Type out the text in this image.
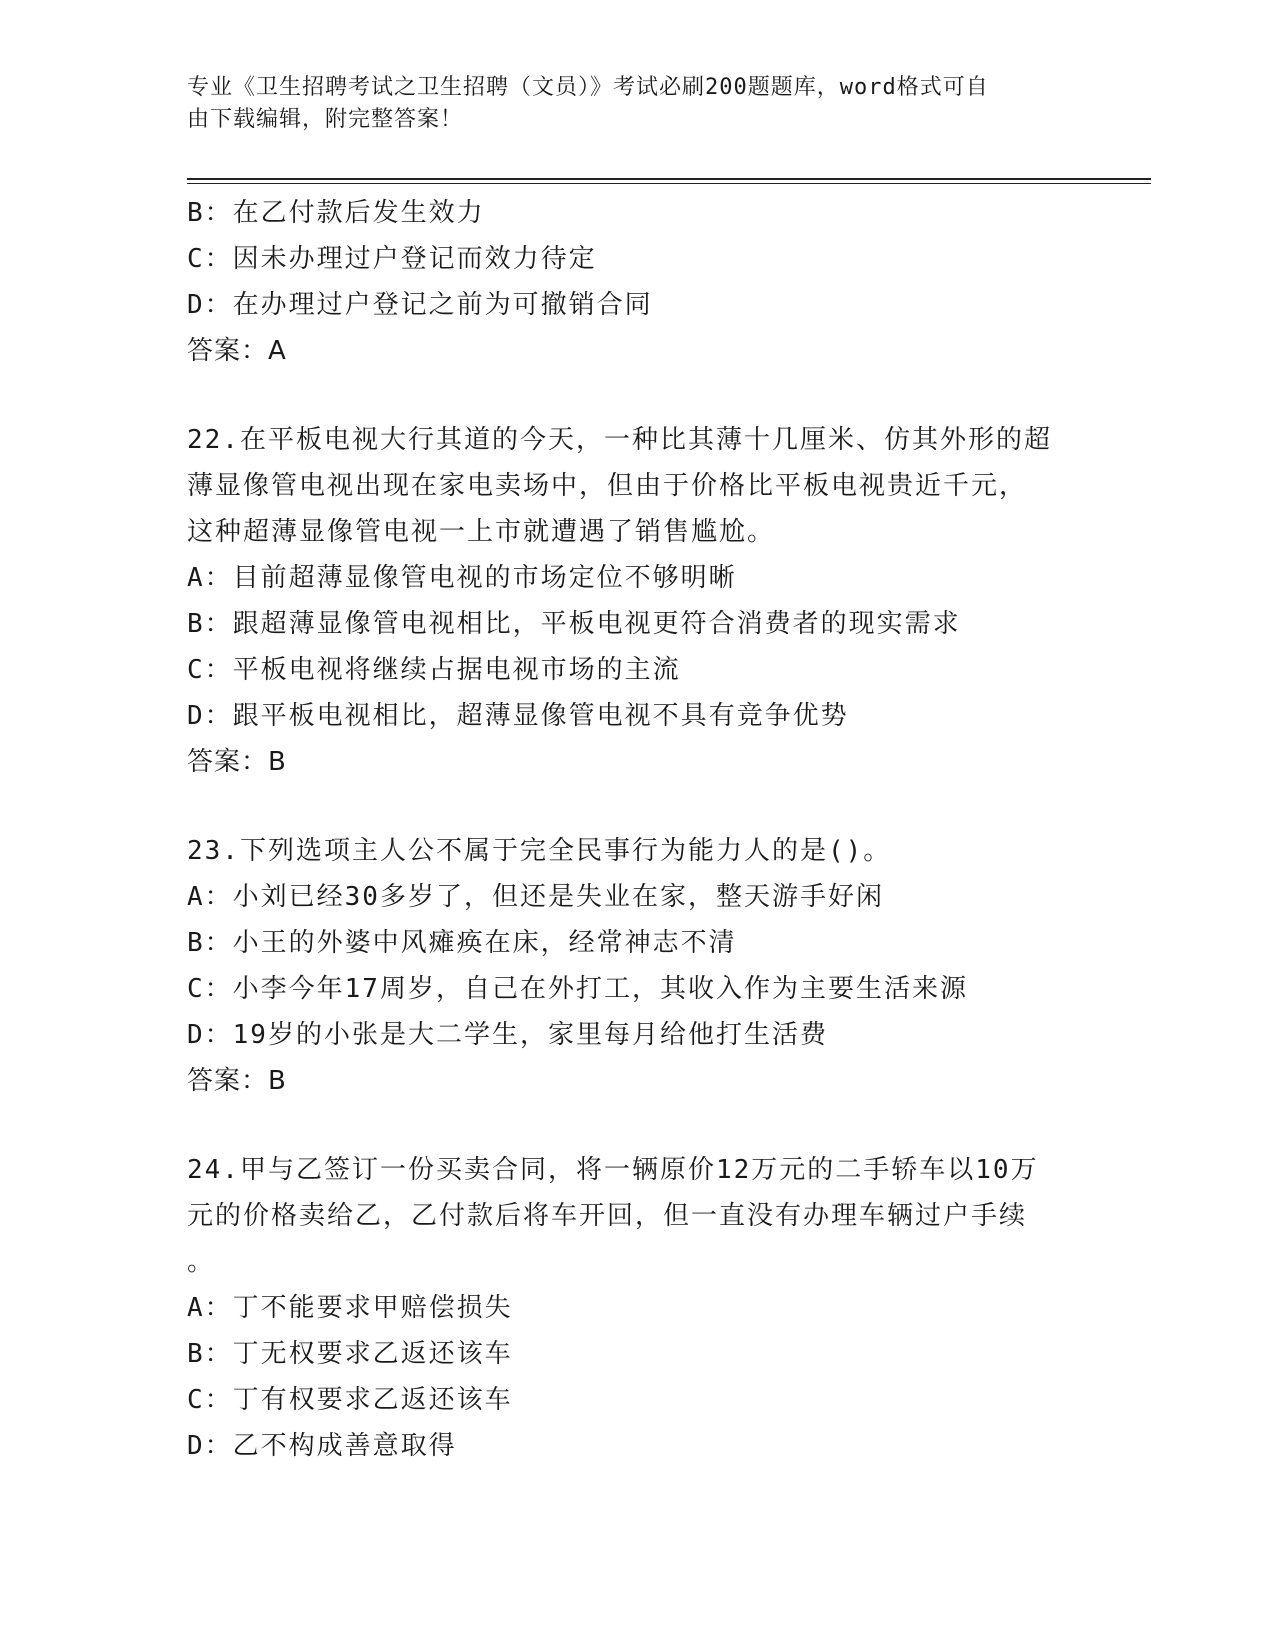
专业《卫生招聘考试之卫生招聘（文员）》考试必刷200题题库，word格式可自
由下载编辑，附完整答案！
B：在乙付款后发生效力
C：因未办理过户登记而效力待定
D：在办理过户登记之前为可撤销合同
答案：A
22.在平板电视大行其道的今天，一种比其薄十几厘米、仿其外形的超
薄显像管电视出现在家电卖场中，但由于价格比平板电视贵近千元，
这种超薄显像管电视一上市就遭遇了销售尴尬。
A：目前超薄显像管电视的市场定位不够明晰
B：跟超薄显像管电视相比，平板电视更符合消费者的现实需求
C：平板电视将继续占据电视市场的主流
D：跟平板电视相比，超薄显像管电视不具有竞争优势
答案：B
23.下列选项主人公不属于完全民事行为能力人的是()。
A：小刘已经30多岁了，但还是失业在家，整天游手好闲
B：小王的外婆中风瘫痪在床，经常神志不清
C：小李今年17周岁，自己在外打工，其收入作为主要生活来源
D：19岁的小张是大二学生，家里每月给他打生活费
答案：B
24.甲与乙签订一份买卖合同，将一辆原价12万元的二手轿车以10万
元的价格卖给乙，乙付款后将车开回，但一直没有办理车辆过户手续
。
A：丁不能要求甲赔偿损失
B：丁无权要求乙返还该车
C：丁有权要求乙返还该车
D：乙不构成善意取得
